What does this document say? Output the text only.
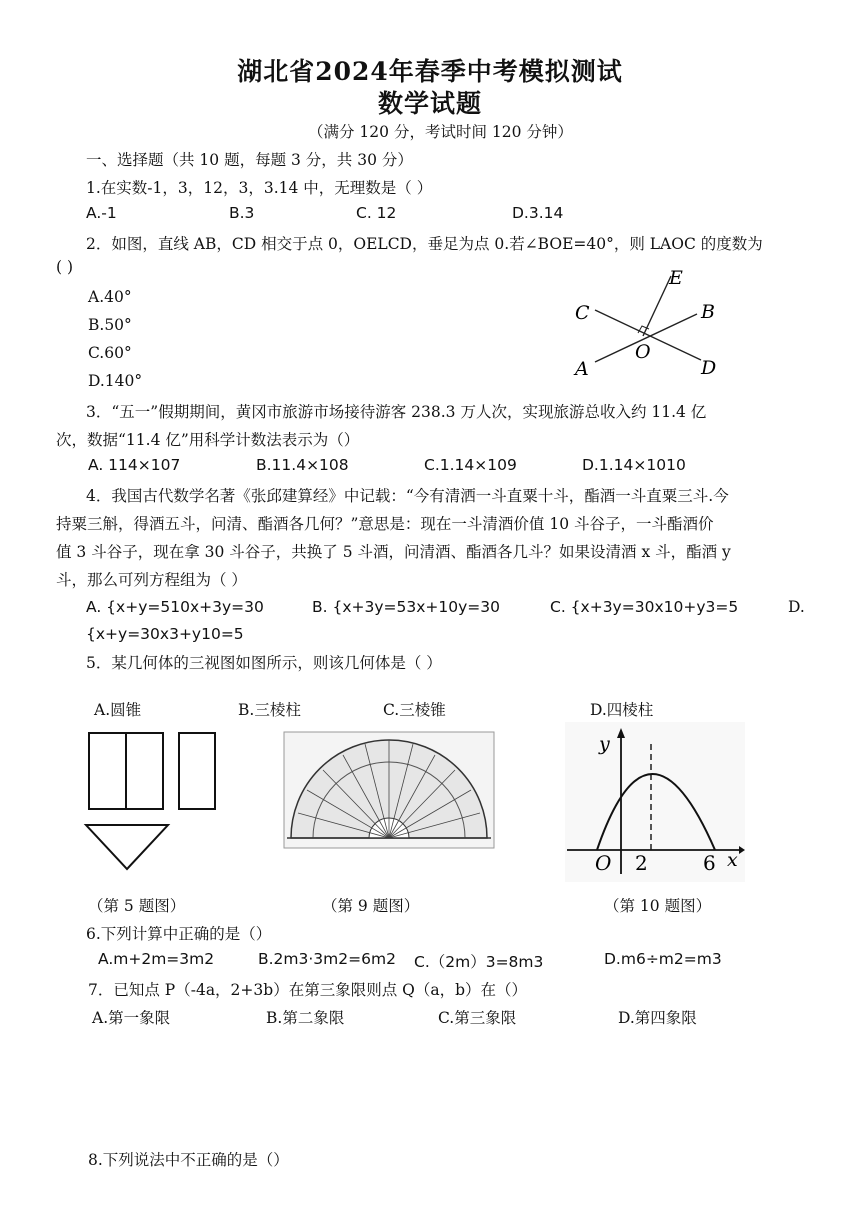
湖北省2024年春季中考模拟测试
数学试题
（满分 120 分，考试时间 120 分钟）
一、选择题（共 10 题，每题 3 分，共 30 分）
1.在实数-1，3，12，3，3.14 中，无理数是（ ）
A.-1	B.3	C. 12	D.3.14
2．如图，直线 AB，CD 相交于点 0，OELCD，垂足为点 0.若∠BOE=40°，则 LAOC 的度数为
( )
A.40°
B.50°
C.60°
D.140°
E
C	B
O
A	D
3．“五一”假期期间，黄冈市旅游市场接待游客 238.3 万人次，实现旅游总收入约 11.4 亿
次，数据“11.4 亿”用科学计数法表示为（）
A. 114×107	B.11.4×108	C.1.14×109	D.1.14×1010
4．我国古代数学名著《张邱建算经》中记载：“今有清洒一斗直粟十斗，酯酒一斗直粟三斗.今
持粟三斛，得酒五斗，问清、酯酒各几何？”意思是：现在一斗清酒价值 10 斗谷子，一斗酯酒价
值 3 斗谷子，现在拿 30 斗谷子，共换了 5 斗酒，问清酒、酯酒各几斗？如果设清酒 x 斗，酯酒 y
斗，那么可列方程组为（ ）
A. {x+y=510x+3y=30	B. {x+3y=53x+10y=30	C. {x+3y=30x10+y3=5	D.
{x+y=30x3+y10=5
5．某几何体的三视图如图所示，则该几何体是（ ）
A.圆锥	B.三棱柱	C.三棱锥	D.四棱柱
y
x
O 2	6
（第 5 题图）	（第 9 题图）	（第 10 题图）
6.下列计算中正确的是（）
A.m+2m=3m2	B.2m3·3m2=6m2 C.（2m）3=8m3	D.m6÷m2=m3
7．已知点 P（-4a，2+3b）在第三象限则点 Q（a，b）在（）
A.第一象限	B.第二象限	C.第三象限	D.第四象限
8.下列说法中不正确的是（）
